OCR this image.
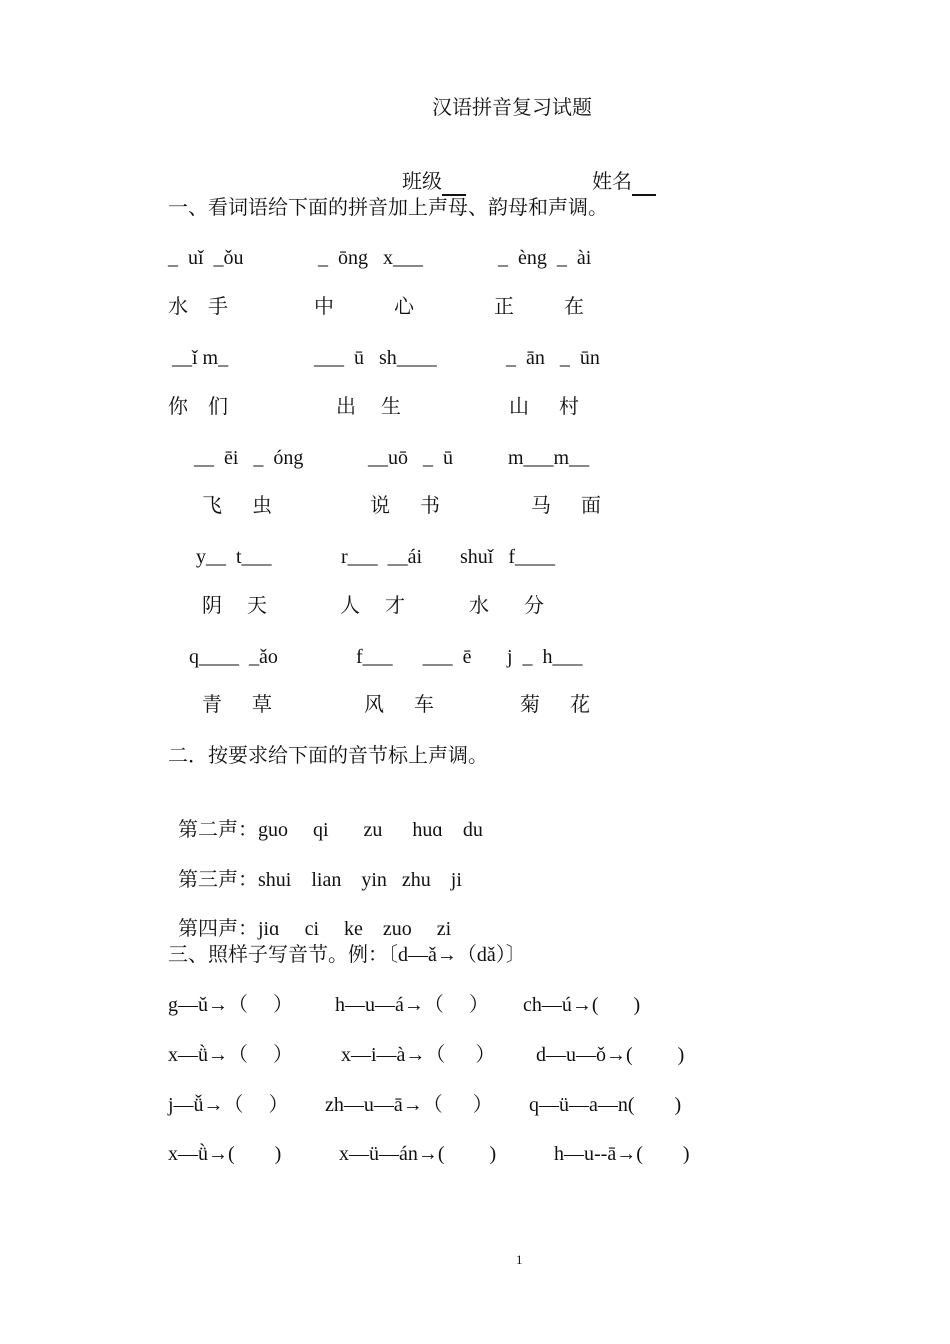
汉语拼音复习试题

班级	姓名

一、看词语给下面的拼音加上声母、韵母和声调。
_  uǐ  _ǒu	_  ōng   x___	_  èng  _  ài
水    手	中            心	正          在
__ǐ m_	___  ū   sh____	_  ān   _  ūn
你    们	出     生	山      村
__  ēi   _  óng	__uō   _  ū	m___m__
飞      虫	说      书	马      面
y__  t___	r___  __ái shuǐ   f____
阴     天	人     才	水       分
q____  _ǎo	f___      ___  ē j  _  h___
青      草	风      车	菊      花
二．按要求给下面的音节标上声调。

第二声：guo     qi       zu      huɑ    du

第三声：shui    lian    yin   zhu    ji

第四声：jiɑ     ci     ke    zuo     zi

三、照样子写音节。例：〔d—ǎ→（dǎ）〕
g—ǔ→（     ） h—u—á→（     ） ch—ú→(       )
x—ǜ→（     ） x—i—à→（      ） d—u—ǒ→(         )
j—ǚ→（     ） zh—u—ā→（      ） q—ü—a—n(        )
x—ǜ→(        )	x—ü—án→(         )	h—u--ā→(        )
1
